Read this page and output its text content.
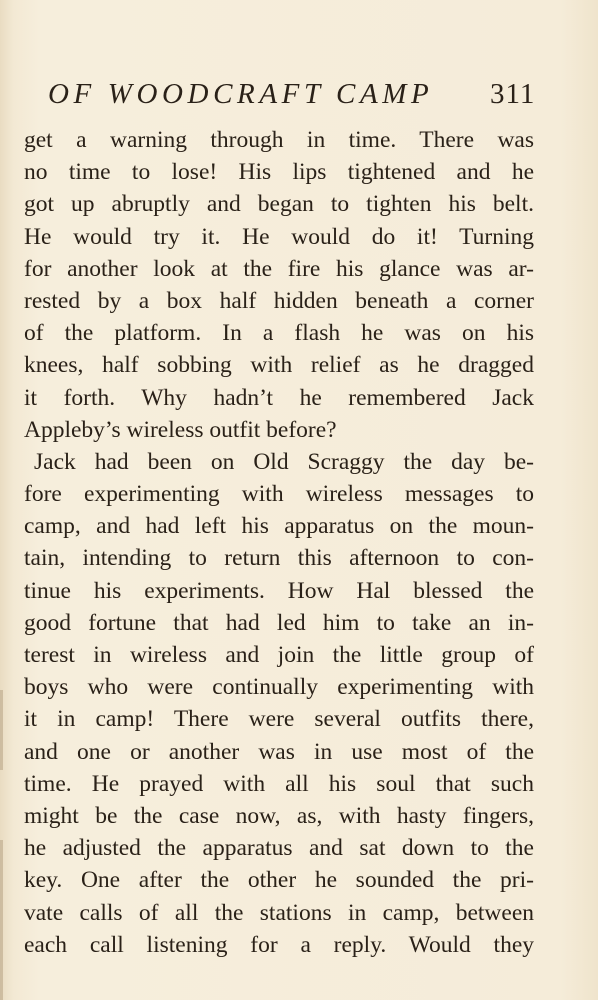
OF WOODCRAFT CAMP	311
get a warning through in time. There was
no time to lose! His lips tightened and he
got up abruptly and began to tighten his belt.
He would try it. He would do it! Turning
for another look at the fire his glance was ar-
rested by a box half hidden beneath a corner
of the platform. In a flash he was on his
knees, half sobbing with relief as he dragged
it forth. Why hadn’t he remembered Jack
Appleby’s wireless outfit before?
Jack had been on Old Scraggy the day be-
fore experimenting with wireless messages to
camp, and had left his apparatus on the moun-
tain, intending to return this afternoon to con-
tinue his experiments. How Hal blessed the
good fortune that had led him to take an in-
terest in wireless and join the little group of
boys who were continually experimenting with
it in camp! There were several outfits there,
and one or another was in use most of the
time. He prayed with all his soul that such
might be the case now, as, with hasty fingers,
he adjusted the apparatus and sat down to the
key. One after the other he sounded the pri-
vate calls of all the stations in camp, between
each call listening for a reply. Would they
